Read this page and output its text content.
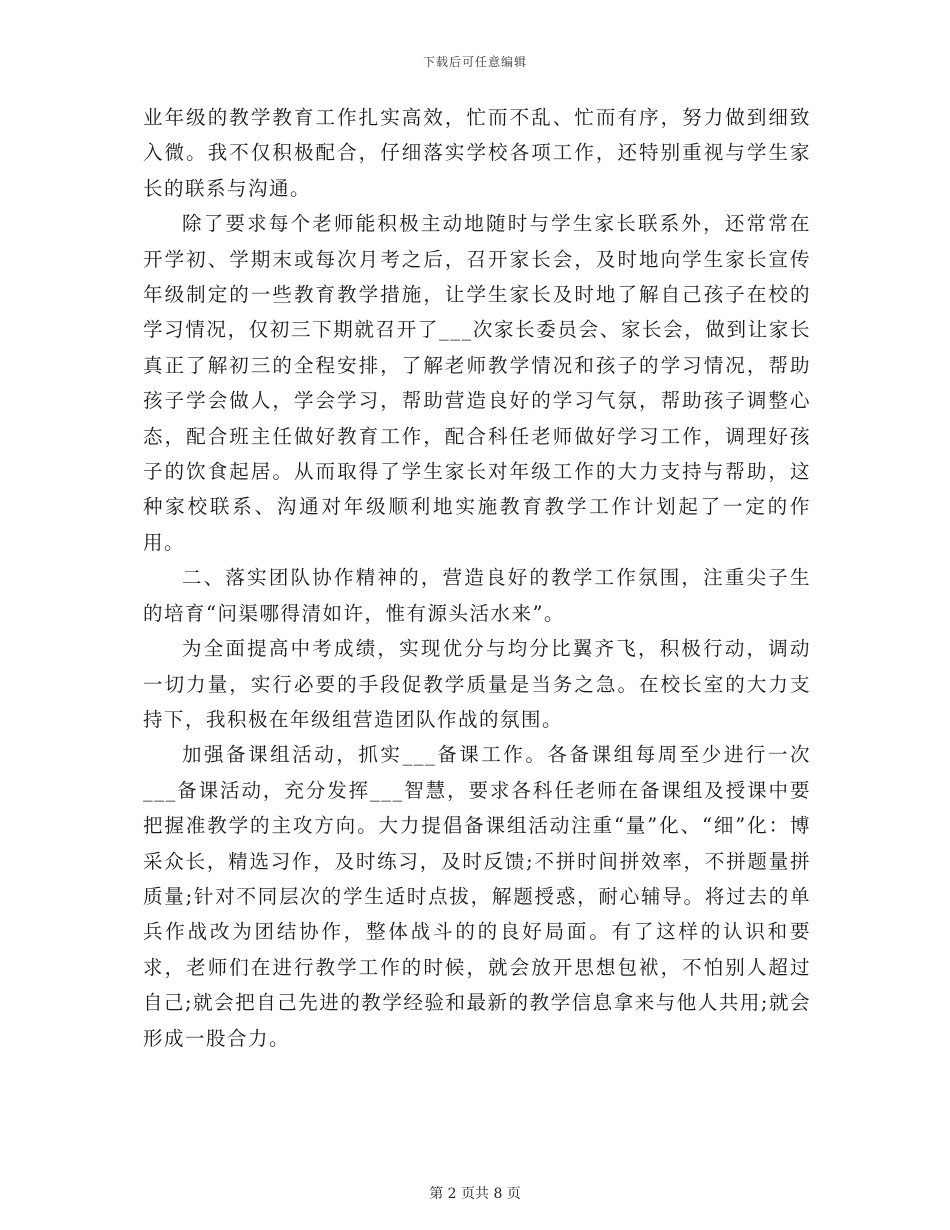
下载后可任意编辑

业年级的教学教育工作扎实高效，忙而不乱、忙而有序，努力做到细致入微。我不仅积极配合，仔细落实学校各项工作，还特别重视与学生家长的联系与沟通。

除了要求每个老师能积极主动地随时与学生家长联系外，还常常在开学初、学期末或每次月考之后，召开家长会，及时地向学生家长宣传年级制定的一些教育教学措施，让学生家长及时地了解自己孩子在校的学习情况，仅初三下期就召开了___次家长委员会、家长会，做到让家长真正了解初三的全程安排，了解老师教学情况和孩子的学习情况，帮助孩子学会做人，学会学习，帮助营造良好的学习气氛，帮助孩子调整心态，配合班主任做好教育工作，配合科任老师做好学习工作，调理好孩子的饮食起居。从而取得了学生家长对年级工作的大力支持与帮助，这种家校联系、沟通对年级顺利地实施教育教学工作计划起了一定的作用。

二、落实团队协作精神的，营造良好的教学工作氛围，注重尖子生的培育“问渠哪得清如许，惟有源头活水来”。

为全面提高中考成绩，实现优分与均分比翼齐飞，积极行动，调动一切力量，实行必要的手段促教学质量是当务之急。在校长室的大力支持下，我积极在年级组营造团队作战的氛围。

加强备课组活动，抓实___备课工作。各备课组每周至少进行一次___备课活动，充分发挥___智慧，要求各科任老师在备课组及授课中要把握准教学的主攻方向。大力提倡备课组活动注重“量”化、“细”化：博采众长，精选习作，及时练习，及时反馈;不拼时间拼效率，不拼题量拼质量;针对不同层次的学生适时点拔，解题授惑，耐心辅导。将过去的单兵作战改为团结协作，整体战斗的的良好局面。有了这样的认识和要求，老师们在进行教学工作的时候，就会放开思想包袱，不怕别人超过自己;就会把自己先进的教学经验和最新的教学信息拿来与他人共用;就会形成一股合力。

第 2 页共 8 页
